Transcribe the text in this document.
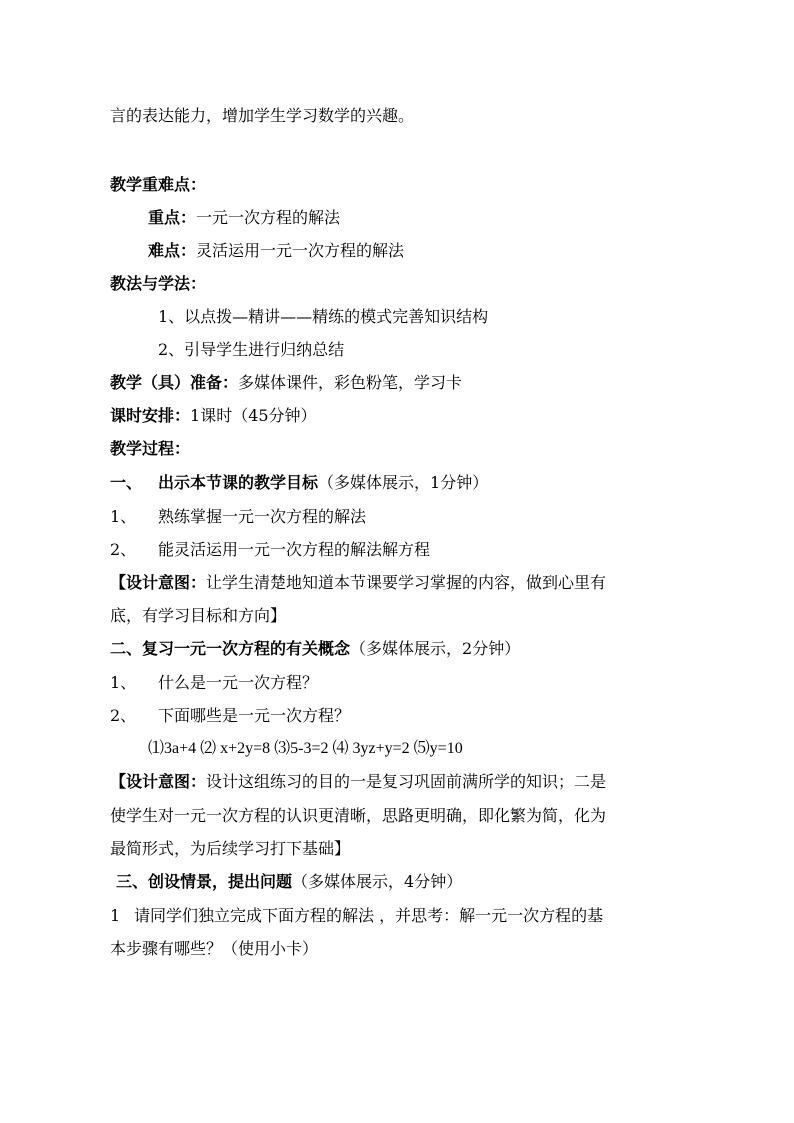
言的表达能力，增加学生学习数学的兴趣。
教学重难点：
重点：一元一次方程的解法
难点：灵活运用一元一次方程的解法
教法与学法：
1、以点拨—精讲——精练的模式完善知识结构
2、引导学生进行归纳总结
教学（具）准备：多媒体课件，彩色粉笔，学习卡
课时安排：1课时（45分钟）
教学过程：
一、 出示本节课的教学目标（多媒体展示，1分钟）
1、 熟练掌握一元一次方程的解法
2、 能灵活运用一元一次方程的解法解方程
【设计意图：让学生清楚地知道本节课要学习掌握的内容，做到心里有
底，有学习目标和方向】
二、复习一元一次方程的有关概念（多媒体展示，2分钟）
1、 什么是一元一次方程？
2、 下面哪些是一元一次方程？
⑴3a+4 ⑵ x+2y=8 ⑶5-3=2 ⑷ 3yz+y=2 ⑸y=10
【设计意图：设计这组练习的目的一是复习巩固前满所学的知识；二是
使学生对一元一次方程的认识更清晰，思路更明确，即化繁为简，化为
最简形式，为后续学习打下基础】
三、创设情景，提出问题（多媒体展示，4分钟）
1 请同学们独立完成下面方程的解法 ，并思考：解一元一次方程的基
本步骤有哪些？（使用小卡）
